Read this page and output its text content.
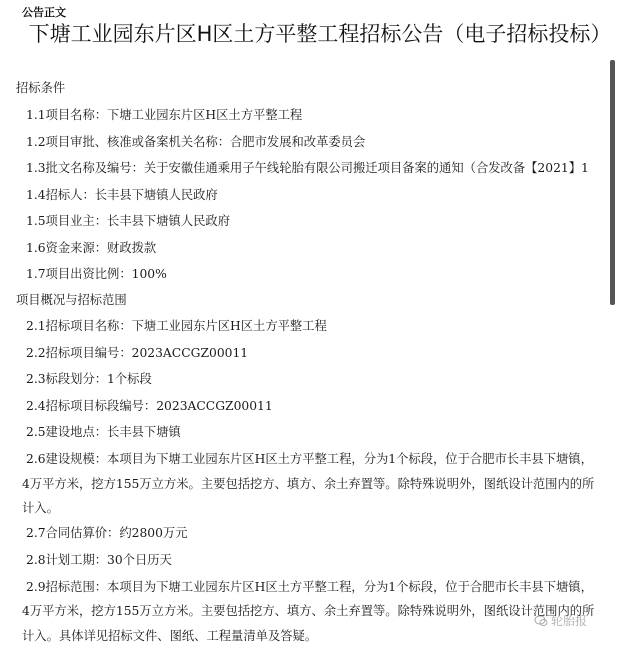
公告正文
下塘工业园东片区H区土方平整工程招标公告（电子招标投标）
招标条件
1.1项目名称：下塘工业园东片区H区土方平整工程
1.2项目审批、核准或备案机关名称：合肥市发展和改革委员会
1.3批文名称及编号：关于安徽佳通乘用子午线轮胎有限公司搬迁项目备案的通知（合发改备【2021】1
1.4招标人：长丰县下塘镇人民政府
1.5项目业主：长丰县下塘镇人民政府
1.6资金来源：财政拨款
1.7项目出资比例：100%
项目概况与招标范围
2.1招标项目名称：下塘工业园东片区H区土方平整工程
2.2招标项目编号：2023ACCGZ00011
2.3标段划分：1个标段
2.4招标项目标段编号：2023ACCGZ00011
2.5建设地点：长丰县下塘镇
2.6建设规模：本项目为下塘工业园东片区H区土方平整工程，分为1个标段，位于合肥市长丰县下塘镇，
4万平方米，挖方155万立方米。主要包括挖方、填方、余土弃置等。除特殊说明外，图纸设计范围内的所
计入。
2.7合同估算价：约2800万元
2.8计划工期：30个日历天
2.9招标范围：本项目为下塘工业园东片区H区土方平整工程，分为1个标段，位于合肥市长丰县下塘镇，
4万平方米，挖方155万立方米。主要包括挖方、填方、余土弃置等。除特殊说明外，图纸设计范围内的所
计入。具体详见招标文件、图纸、工程量清单及答疑。
轮胎报
